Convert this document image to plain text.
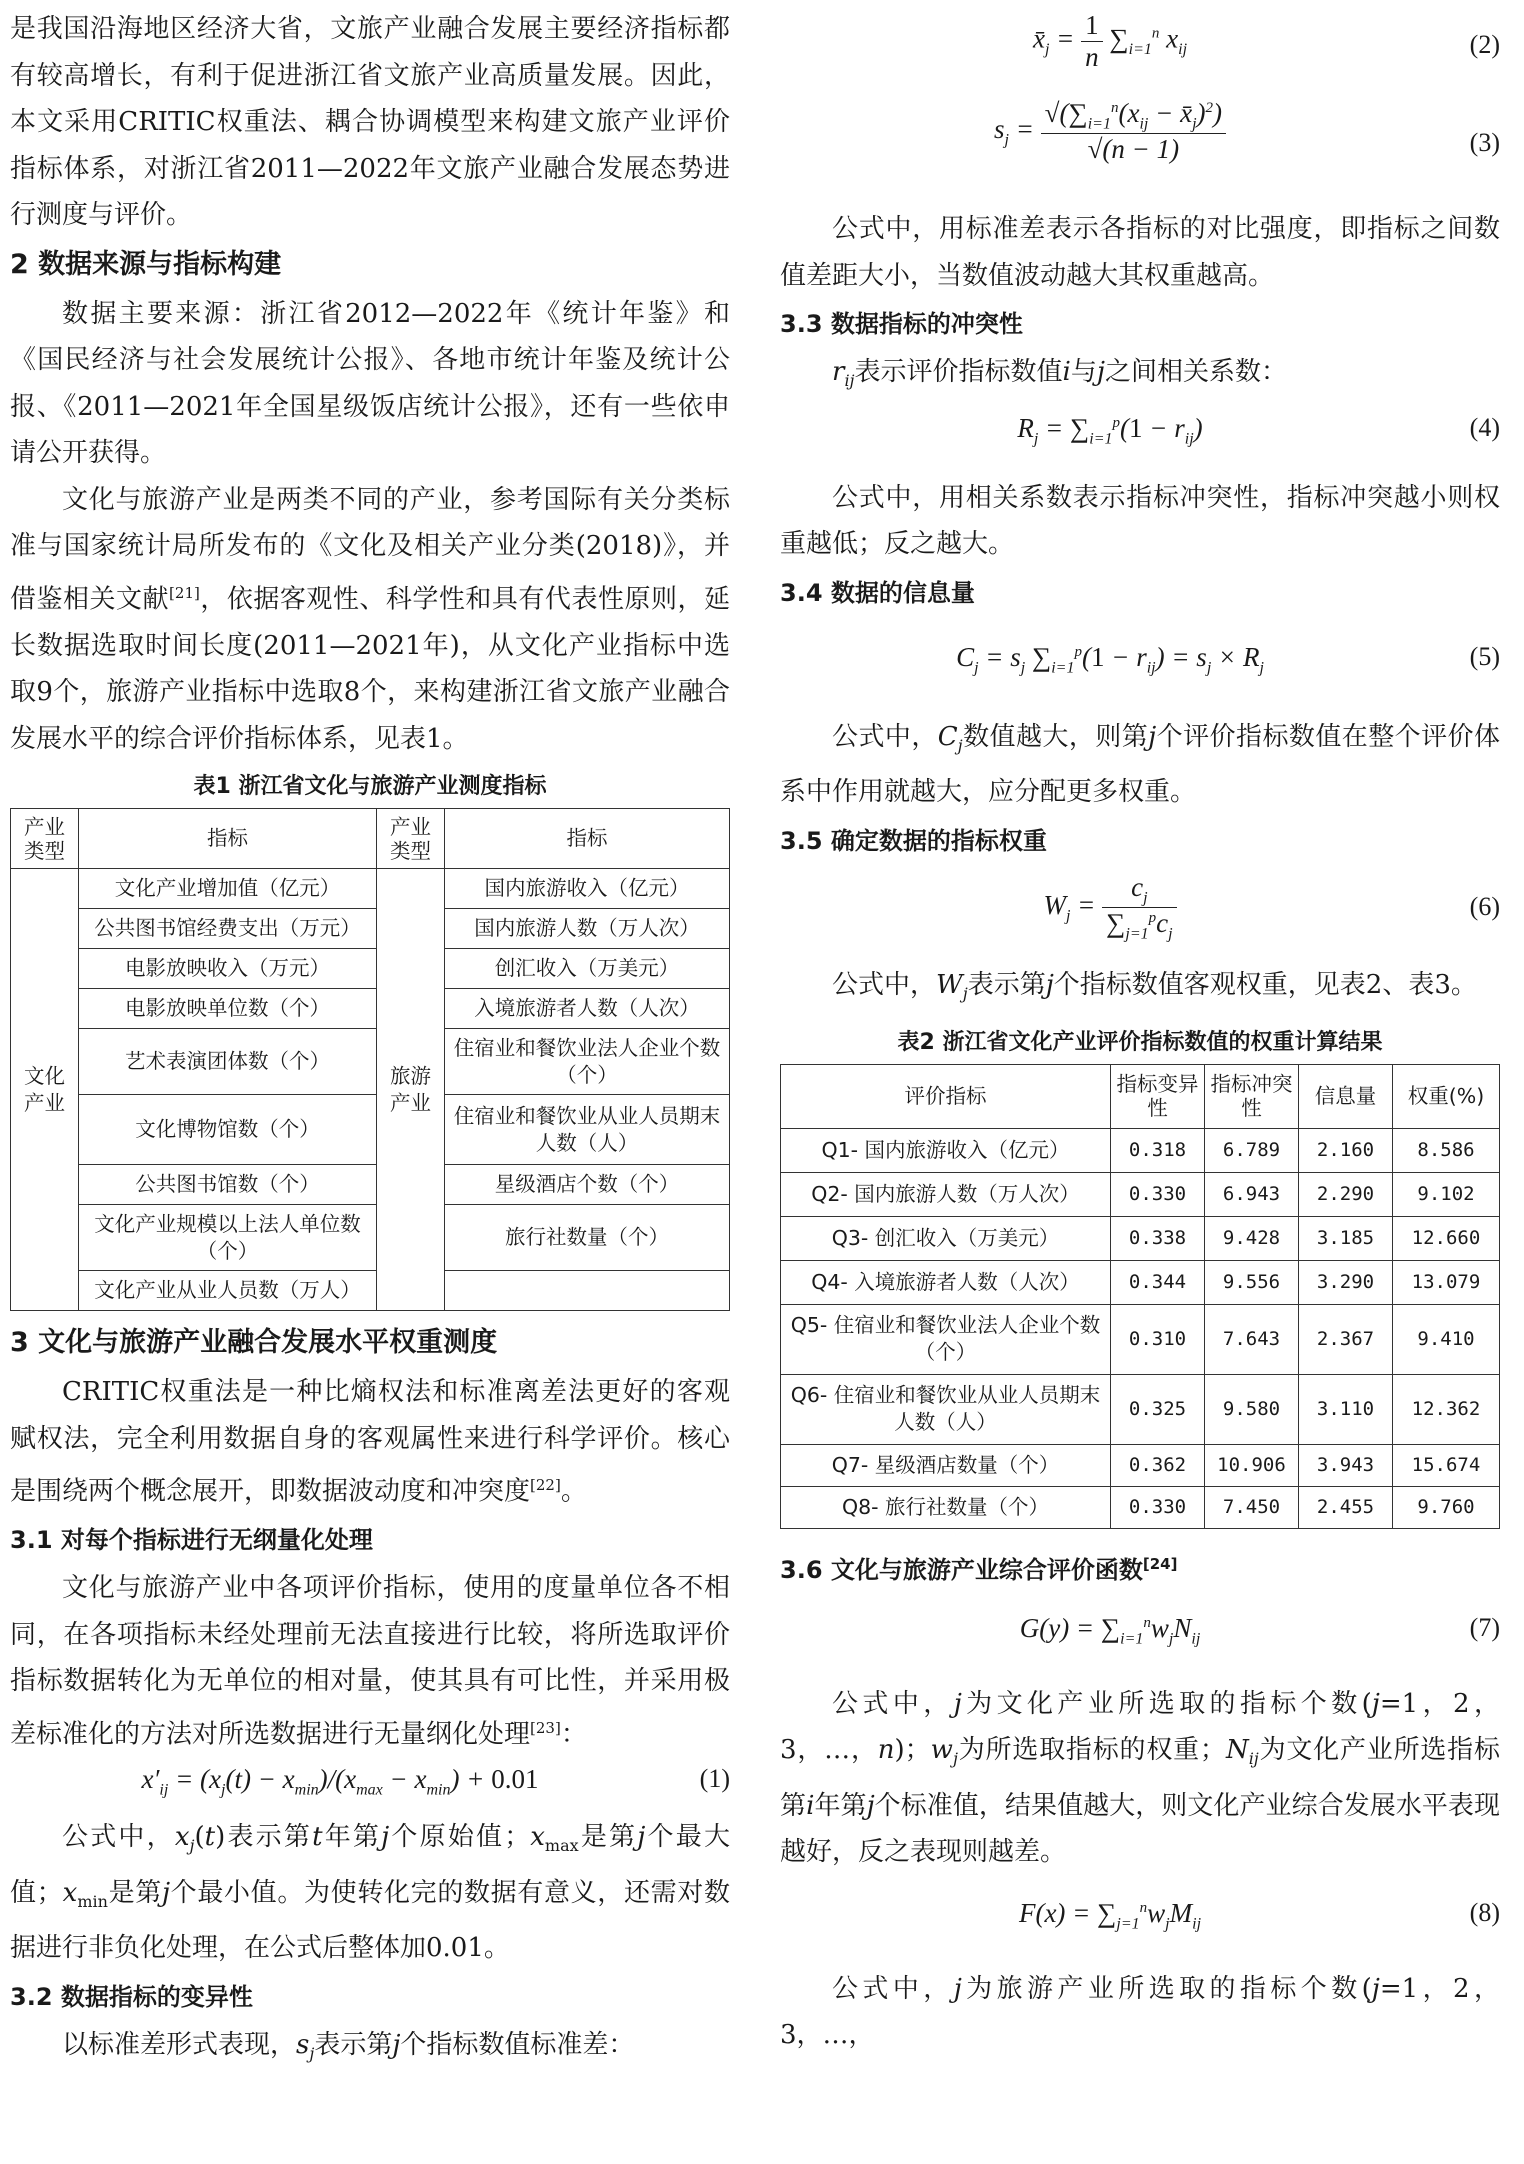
是我国沿海地区经济大省，文旅产业融合发展主要经济指标都有较高增长，有利于促进浙江省文旅产业高质量发展。因此，本文采用CRITIC权重法、耦合协调模型来构建文旅产业评价指标体系，对浙江省2011—2022年文旅产业融合发展态势进行测度与评价。

2 数据来源与指标构建

数据主要来源：浙江省2012—2022年《统计年鉴》和《国民经济与社会发展统计公报》、各地市统计年鉴及统计公报、《2011—2021年全国星级饭店统计公报》，还有一些依申请公开获得。

文化与旅游产业是两类不同的产业，参考国际有关分类标准与国家统计局所发布的《文化及相关产业分类(2018)》，并借鉴相关文献[21]，依据客观性、科学性和具有代表性原则，延长数据选取时间长度(2011—2021年)，从文化产业指标中选取9个，旅游产业指标中选取8个，来构建浙江省文旅产业融合发展水平的综合评价指标体系，见表1。

表1 浙江省文化与旅游产业测度指标
产业类型	指标	产业类型	指标
文化产业	文化产业增加值（亿元）	旅游产业	国内旅游收入（亿元）
	公共图书馆经费支出（万元）		国内旅游人数（万人次）
	电影放映收入（万元）		创汇收入（万美元）
	电影放映单位数（个）		入境旅游者人数（人次）
	艺术表演团体数（个）		住宿业和餐饮业法人企业个数（个）
	文化博物馆数（个）		住宿业和餐饮业从业人员期末人数（人）
	公共图书馆数（个）		星级酒店个数（个）
	文化产业规模以上法人单位数（个）		旅行社数量（个）
	文化产业从业人员数（万人）		
3 文化与旅游产业融合发展水平权重测度

CRITIC权重法是一种比熵权法和标准离差法更好的客观赋权法，完全利用数据自身的客观属性来进行科学评价。核心是围绕两个概念展开，即数据波动度和冲突度[22]。

3.1 对每个指标进行无纲量化处理

文化与旅游产业中各项评价指标，使用的度量单位各不相同，在各项指标未经处理前无法直接进行比较，将所选取评价指标数据转化为无单位的相对量，使其具有可比性，并采用极差标准化的方法对所选数据进行无量纲化处理[23]：

$x'_{ij} = (x_j(t) - x_{min})/(x_{max} - x_{min}) + 0.01$	(1)

公式中，$x_j(t)$表示第t年第j个原始值；$x_{max}$是第j个最大值；$x_{min}$是第j个最小值。为使转化完的数据有意义，还需对数据进行非负化处理，在公式后整体加0.01。

3.2 数据指标的变异性

以标准差形式表现，$s_j$表示第j个指标数值标准差：

$x̄_j = \frac{1}{n} \sum_{i=1}^n$ $x_{ij}$	(2)
$s_j = \frac{√(\sum_{i=1}^n(x_{ij} - x̄_j)^2)}{√(n - 1)}$	(3)

公式中，用标准差表示各指标的对比强度，即指标之间数值差距大小，当数值波动越大其权重越高。

3.3 数据指标的冲突性

$r_{ij}$表示评价指标数值i与j之间相关系数：

$R_j = \sum_{i=1}^p(1 - r_{ij})$	(4)

公式中，用相关系数表示指标冲突性，指标冲突越小则权重越低；反之越大。

3.4 数据的信息量
$C_j = s_j$ $\sum_{i=1}^p(1 - r_{ij}) = s_j \times R_j$	(5)

公式中，$C_j$数值越大，则第j个评价指标数值在整个评价体系中作用就越大，应分配更多权重。

3.5 确定数据的指标权重
$W_j = \frac{c_j}{\sum_{j=1}^pc_j}$	(6)

公式中，$W_j$表示第j个指标数值客观权重，见表2、表3。

表2 浙江省文化产业评价指标数值的权重计算结果
评价指标	指标变异性	指标冲突性	信息量	权重(%)
Q1- 国内旅游收入（亿元）	0.318	6.789	2.160	8.586
Q2- 国内旅游人数（万人次）	0.330	6.943	2.290	9.102
Q3- 创汇收入（万美元）	0.338	9.428	3.185	12.660
Q4- 入境旅游者人数（人次）	0.344	9.556	3.290	13.079
Q5- 住宿业和餐饮业法人企业个数（个）	0.310	7.643	2.367	9.410
Q6- 住宿业和餐饮业从业人员期末人数（人）	0.325	9.580	3.110	12.362
Q7- 星级酒店数量（个）	0.362	10.906	3.943	15.674
Q8- 旅行社数量（个）	0.330	7.450	2.455	9.760
3.6 文化与旅游产业综合评价函数[24]
$G(y) = \sum_{i=1}^nw_jN_{ij}$	(7)

公式中，j为文化产业所选取的指标个数(j=1，2，3，…，n)；$w_j$为所选取指标的权重；$N_{ij}$为文化产业所选指标第i年第j个标准值，结果值越大，则文化产业综合发展水平表现越好，反之表现则越差。

$F(x) = \sum_{j=1}^nw_jM_{ij}$	(8)

公式中，j为旅游产业所选取的指标个数(j=1，2，3，…，
